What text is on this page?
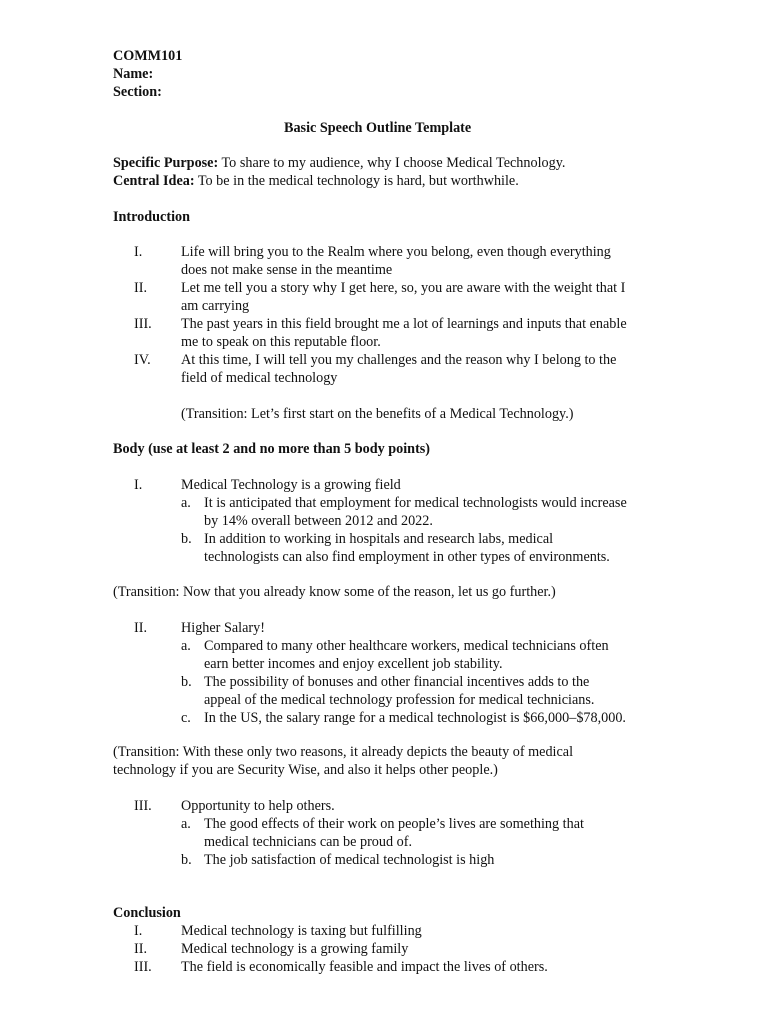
COMM101
Name:
Section:
Basic Speech Outline Template
Specific Purpose: To share to my audience, why I choose Medical Technology.
Central Idea: To be in the medical technology is hard, but worthwhile.
Introduction
I.	Life will bring you to the Realm where you belong, even though everything
does not make sense in the meantime
II. Let me tell you a story why I get here, so, you are aware with the weight that I
am carrying
III. The past years in this field brought me a lot of learnings and inputs that enable
me to speak on this reputable floor.
IV. At this time, I will tell you my challenges and the reason why I belong to the
field of medical technology
(Transition: Let’s first start on the benefits of a Medical Technology.)
Body (use at least 2 and no more than 5 body points)
I.	Medical Technology is a growing field
a. It is anticipated that employment for medical technologists would increase
by 14% overall between 2012 and 2022.
b. In addition to working in hospitals and research labs, medical
technologists can also find employment in other types of environments.
(Transition: Now that you already know some of the reason, let us go further.)
II. Higher Salary!
a. Compared to many other healthcare workers, medical technicians often
earn better incomes and enjoy excellent job stability.
b. The possibility of bonuses and other financial incentives adds to the
appeal of the medical technology profession for medical technicians.
c. In the US, the salary range for a medical technologist is $66,000–$78,000.
(Transition: With these only two reasons, it already depicts the beauty of medical
technology if you are Security Wise, and also it helps other people.)
III. Opportunity to help others.
a. The good effects of their work on people’s lives are something that
medical technicians can be proud of.
b. The job satisfaction of medical technologist is high
Conclusion
I.	Medical technology is taxing but fulfilling
II. Medical technology is a growing family
III. The field is economically feasible and impact the lives of others.
